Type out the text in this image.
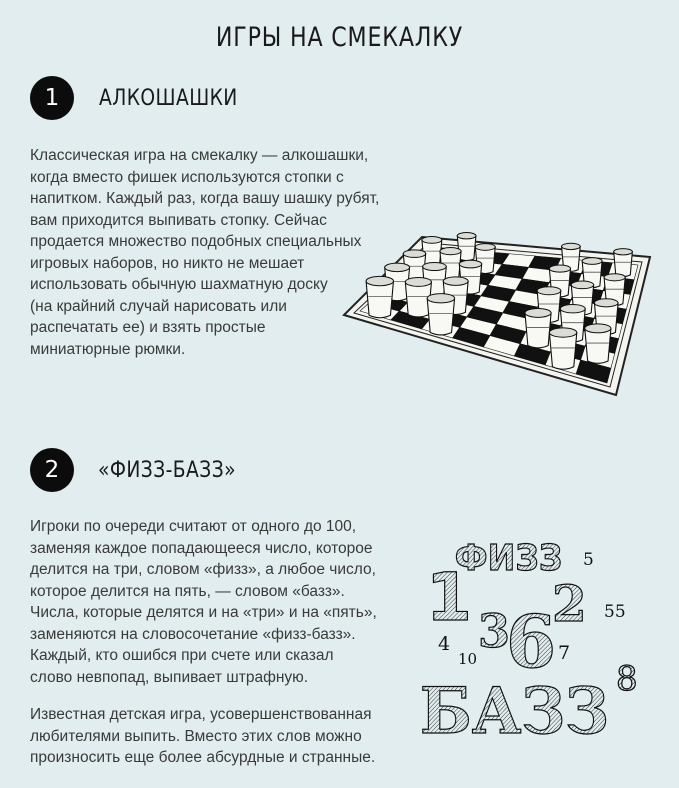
ИГРЫ НА СМЕКАЛКУ
1	АЛКОШАШКИ
Классическая игра на смекалку — алкошашки,
когда вместо фишек используются стопки с
напитком. Каждый раз, когда вашу шашку рубят,
вам приходится выпивать стопку. Сейчас
продается множество подобных специальных
игровых наборов, но никто не мешает
использовать обычную шахматную доску
(на крайний случай нарисовать или
распечатать ее) и взять простые
миниатюрные рюмки.
2	«ФИЗЗ-БАЗЗ»
Игроки по очереди считают от одного до 100,
заменяя каждое попадающееся число, которое
делится на три, словом «физз», а любое число,
которое делится на пять, — словом «базз».
Числа, которые делятся и на «три» и на «пять»,
заменяются на словосочетание «физз-базз».
Каждый, кто ошибся при счете или сказал
слово невпопад, выпивает штрафную.
Известная детская игра, усовершенствованная
любителями выпить. Вместо этих слов можно
произносить еще более абсурдные и странные.
ФИЗЗ
1 3
6
2
БАЗЗ 8
5
55
4
10	7
